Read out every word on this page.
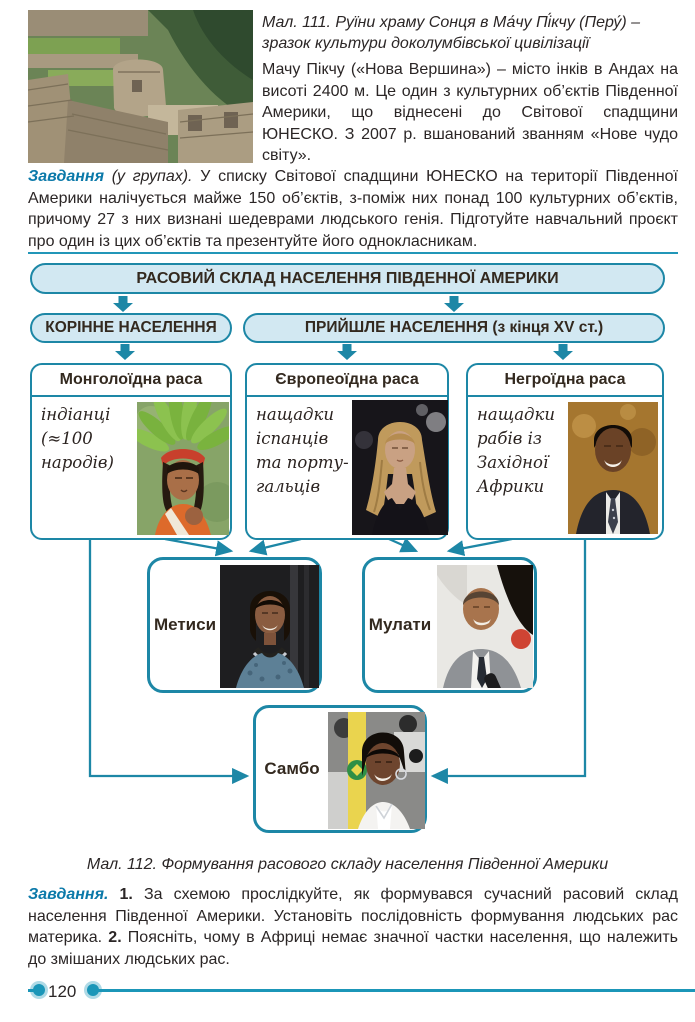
Мал. 111. Руїни храму Сонця в Ма́чу Пі́кчу (Перу́) – зразок культури доколумбівської цивілізації

Мачу Пікчу («Нова Вершина») – місто інків в Андах на висоті 2400 м. Це один з культурних об’єктів Південної Америки, що віднесені до Світової спадщини ЮНЕСКО. З 2007 р. вшанований званням «Нове чудо світу».

Завдання (у групах). У списку Світової спадщини ЮНЕСКО на території Південної Америки налічується майже 150 об’єктів, з-поміж них понад 100 культурних об’єктів, причому 27 з них визнані шедеврами людського генія. Підготуйте навчальний проєкт про один із цих об’єктів та презентуйте його однокласникам.

РАСОВИЙ СКЛАД НАСЕЛЕННЯ ПІВДЕННОЇ АМЕРИКИ
КОРІННЕ НАСЕЛЕННЯ	ПРИЙШЛЕ НАСЕЛЕННЯ (з кінця XV ст.)
Монголоїдна раса
індіанці (≈100 народів)
Європеоїдна раса
нащадки іспанців та португальців
Негроїдна раса
нащадки рабів із Західної Африки
Метиси	Мулати
Самбо

Мал. 112. Формування расового складу населення Південної Америки

Завдання. 1. За схемою прослідкуйте, як формувався сучасний расовий склад населення Південної Америки. Установіть послідовність формування людських рас материка. 2. Поясніть, чому в Африці немає значної частки населення, що належить до змішаних людських рас.

120
